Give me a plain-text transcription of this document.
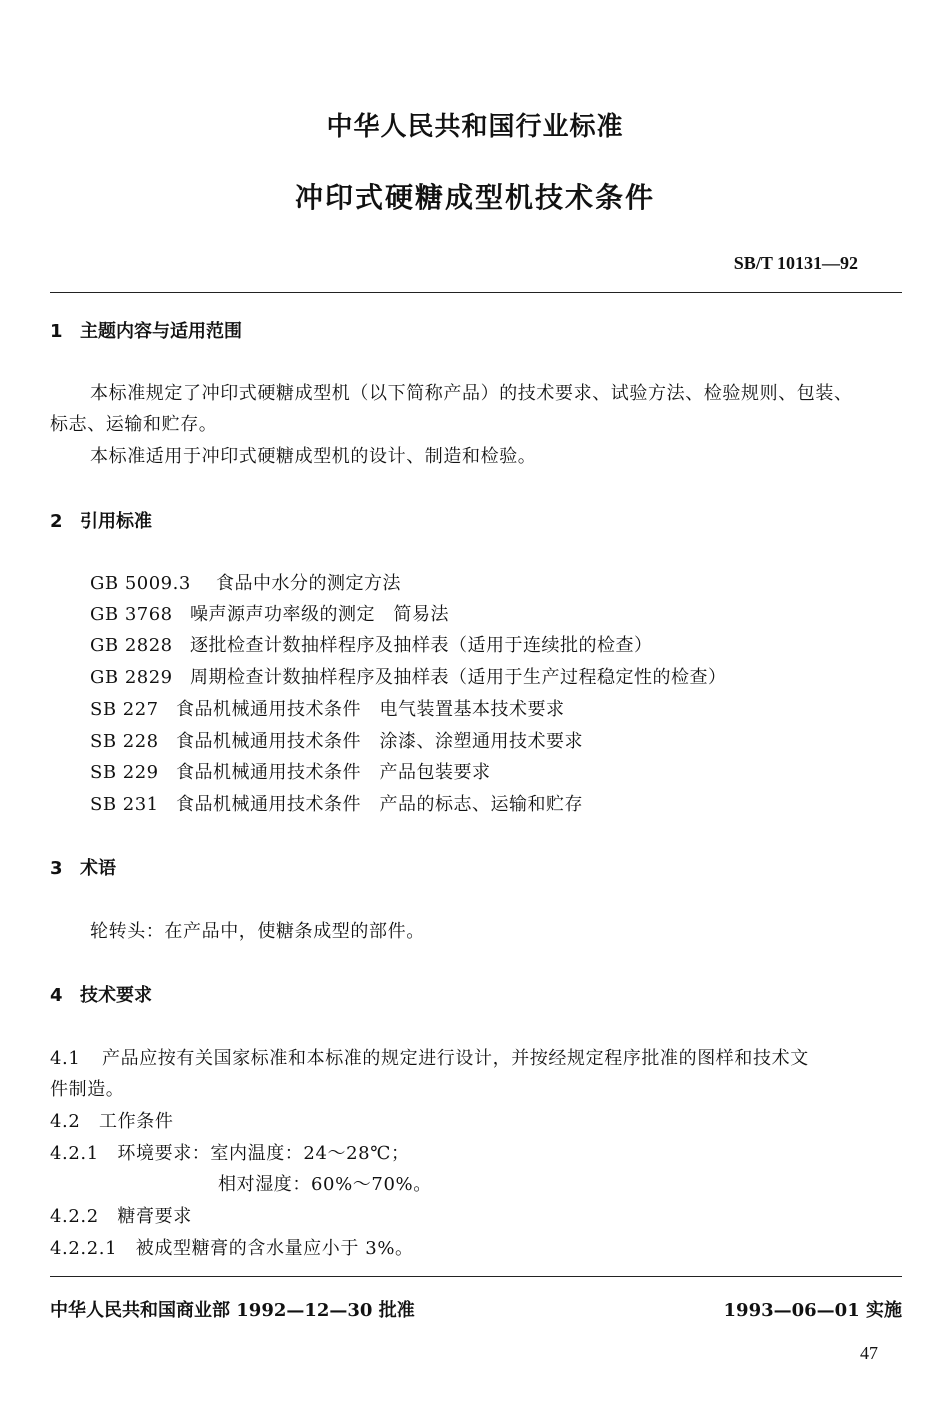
中华人民共和国行业标准
冲印式硬糖成型机技术条件
SB/T 10131—92
1 主题内容与适用范围
本标准规定了冲印式硬糖成型机（以下简称产品）的技术要求、试验方法、检验规则、包装、
标志、运输和贮存。
本标准适用于冲印式硬糖成型机的设计、制造和检验。
2 引用标准
GB 5009.3 食品中水分的测定方法
GB 3768 噪声源声功率级的测定　简易法
GB 2828 逐批检查计数抽样程序及抽样表（适用于连续批的检查）
GB 2829 周期检查计数抽样程序及抽样表（适用于生产过程稳定性的检查）
SB 227 食品机械通用技术条件　电气装置基本技术要求
SB 228 食品机械通用技术条件　涂漆、涂塑通用技术要求
SB 229 食品机械通用技术条件　产品包装要求
SB 231 食品机械通用技术条件　产品的标志、运输和贮存
3 术语
轮转头：在产品中，使糖条成型的部件。
4 技术要求
4.1 产品应按有关国家标准和本标准的规定进行设计，并按经规定程序批准的图样和技术文
件制造。
4.2　工作条件
4.2.1　环境要求：室内温度：24～28℃；
相对湿度：60%～70%。
4.2.2　糖膏要求
4.2.2.1　被成型糖膏的含水量应小于 3%。
中华人民共和国商业部 1992—12—30 批准	1993—06—01 实施
47
